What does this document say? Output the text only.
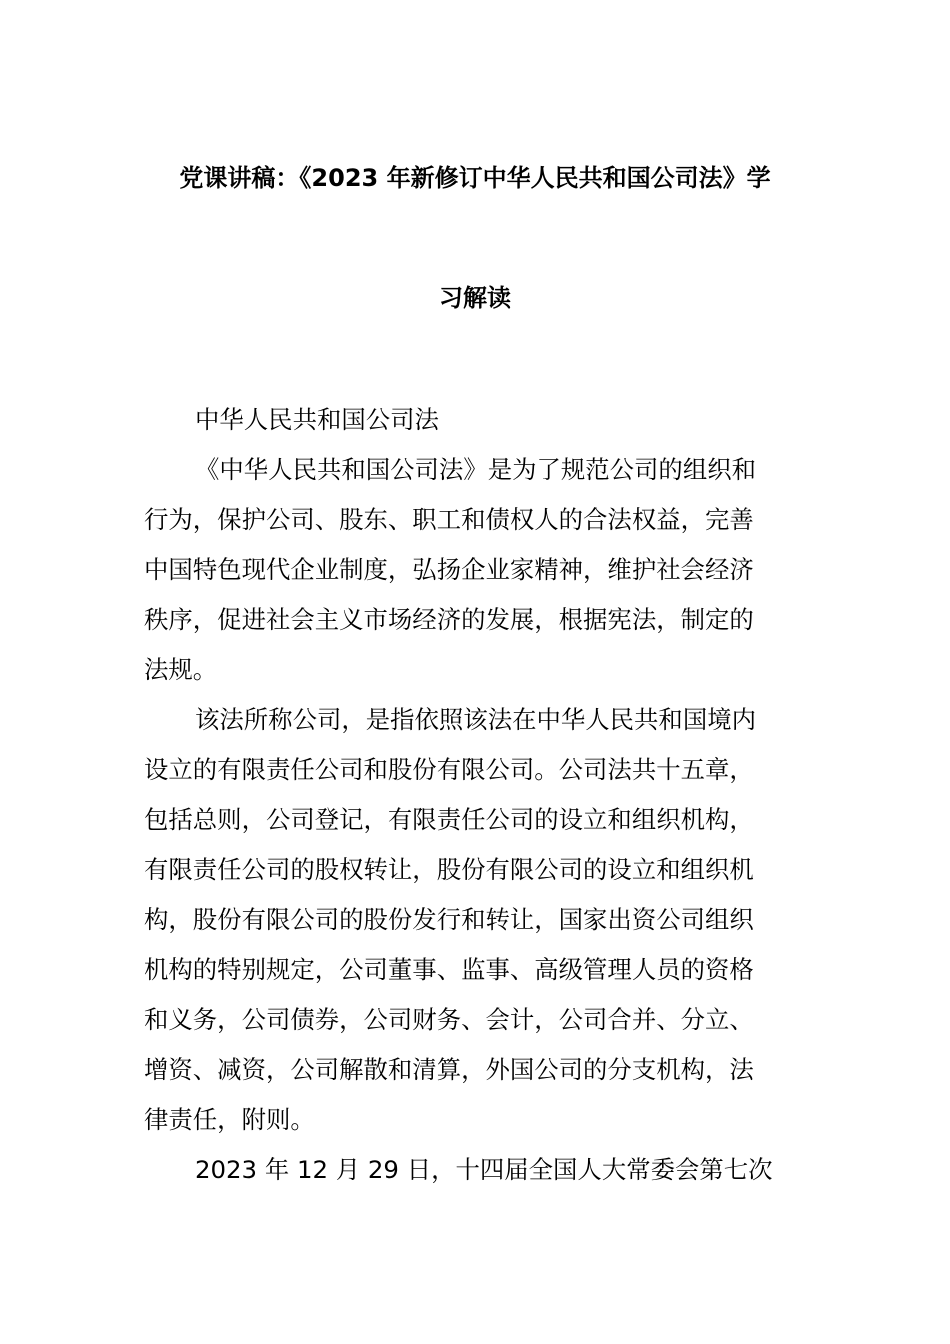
党课讲稿：《2023 年新修订中华人民共和国公司法》学
习解读
中华人民共和国公司法
《中华人民共和国公司法》是为了规范公司的组织和
行为，保护公司、股东、职工和债权人的合法权益，完善
中国特色现代企业制度，弘扬企业家精神，维护社会经济
秩序，促进社会主义市场经济的发展，根据宪法，制定的
法规。
该法所称公司，是指依照该法在中华人民共和国境内
设立的有限责任公司和股份有限公司。公司法共十五章，
包括总则，公司登记，有限责任公司的设立和组织机构，
有限责任公司的股权转让，股份有限公司的设立和组织机
构，股份有限公司的股份发行和转让，国家出资公司组织
机构的特别规定，公司董事、监事、高级管理人员的资格
和义务，公司债券，公司财务、会计，公司合并、分立、
增资、减资，公司解散和清算，外国公司的分支机构，法
律责任，附则。
2023 年 12 月 29 日，十四届全国人大常委会第七次
